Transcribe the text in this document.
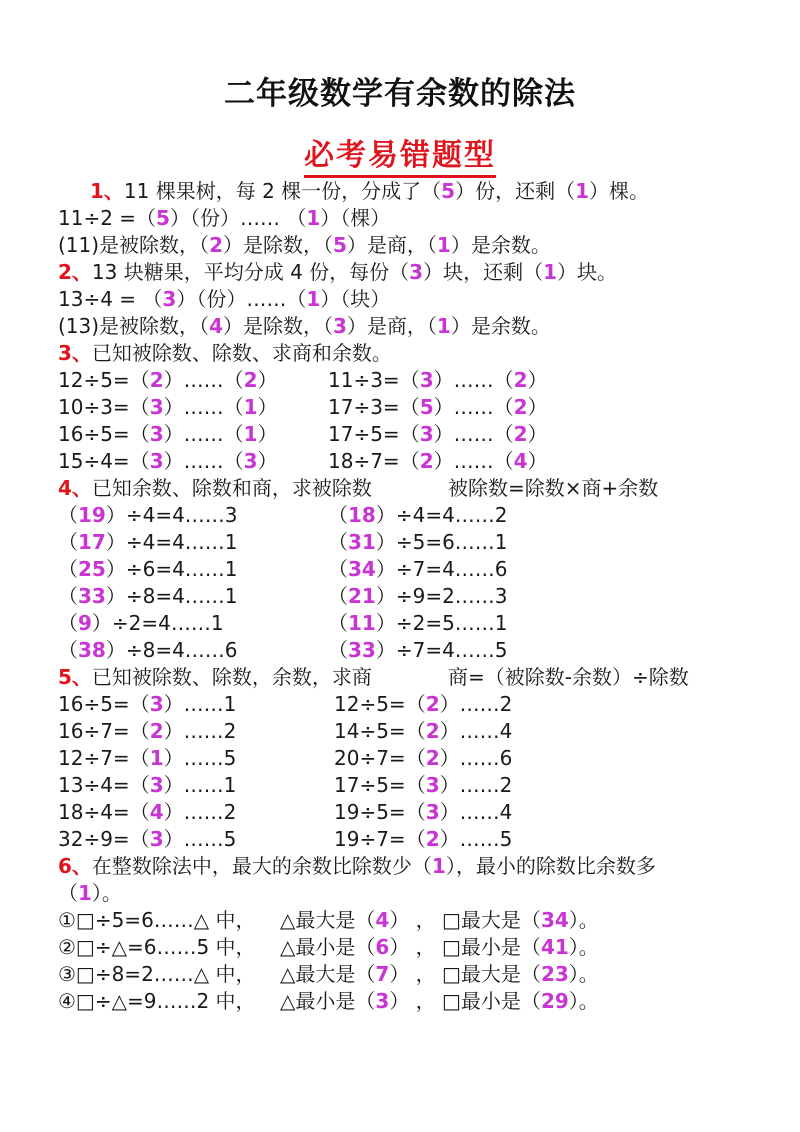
二年级数学有余数的除法
必考易错题型
1、11 棵果树，每 2 棵一份，分成了（5）份，还剩（1）棵。
11÷2 =（5）（份）…… （1）（棵）
(11)是被除数，（2）是除数，（5）是商，（1）是余数。
2、13 块糖果，平均分成 4 份，每份（3）块，还剩（1）块。
13÷4 = （3）（份）……（1）（块）
(13)是被除数，（4）是除数，（3）是商，（1）是余数。
3、已知被除数、除数、求商和余数。
12÷5=（2）……（2）	11÷3=（3）……（2）
10÷3=（3）……（1）	17÷3=（5）……（2）
16÷5=（3）……（1）	17÷5=（3）……（2）
15÷4=（3）……（3）	18÷7=（2）……（4）
4、已知余数、除数和商，求被除数	被除数=除数×商+余数
（19）÷4=4……3	（18）÷4=4……2
（17）÷4=4……1	（31）÷5=6……1
（25）÷6=4……1	（34）÷7=4……6
（33）÷8=4……1	（21）÷9=2……3
（9）÷2=4……1	（11）÷2=5……1
（38）÷8=4……6	（33）÷7=4……5
5、已知被除数、除数，余数，求商	商=（被除数-余数）÷除数
16÷5=（3）……1	12÷5=（2）……2
16÷7=（2）……2	14÷5=（2）……4
12÷7=（1）……5	20÷7=（2）……6
13÷4=（3）……1	17÷5=（3）……2
18÷4=（4）……2	19÷5=（3）……4
32÷9=（3）……5	19÷7=（2）……5
6、在整数除法中，最大的余数比除数少（1），最小的除数比余数多
（1）。
①□÷5=6……△ 中， △最大是（4） ， □最大是（34）。
②□÷△=6……5 中， △最小是（6） ， □最小是（41）。
③□÷8=2……△ 中， △最大是（7） ， □最大是（23）。
④□÷△=9……2 中， △最小是（3） ， □最小是（29）。
